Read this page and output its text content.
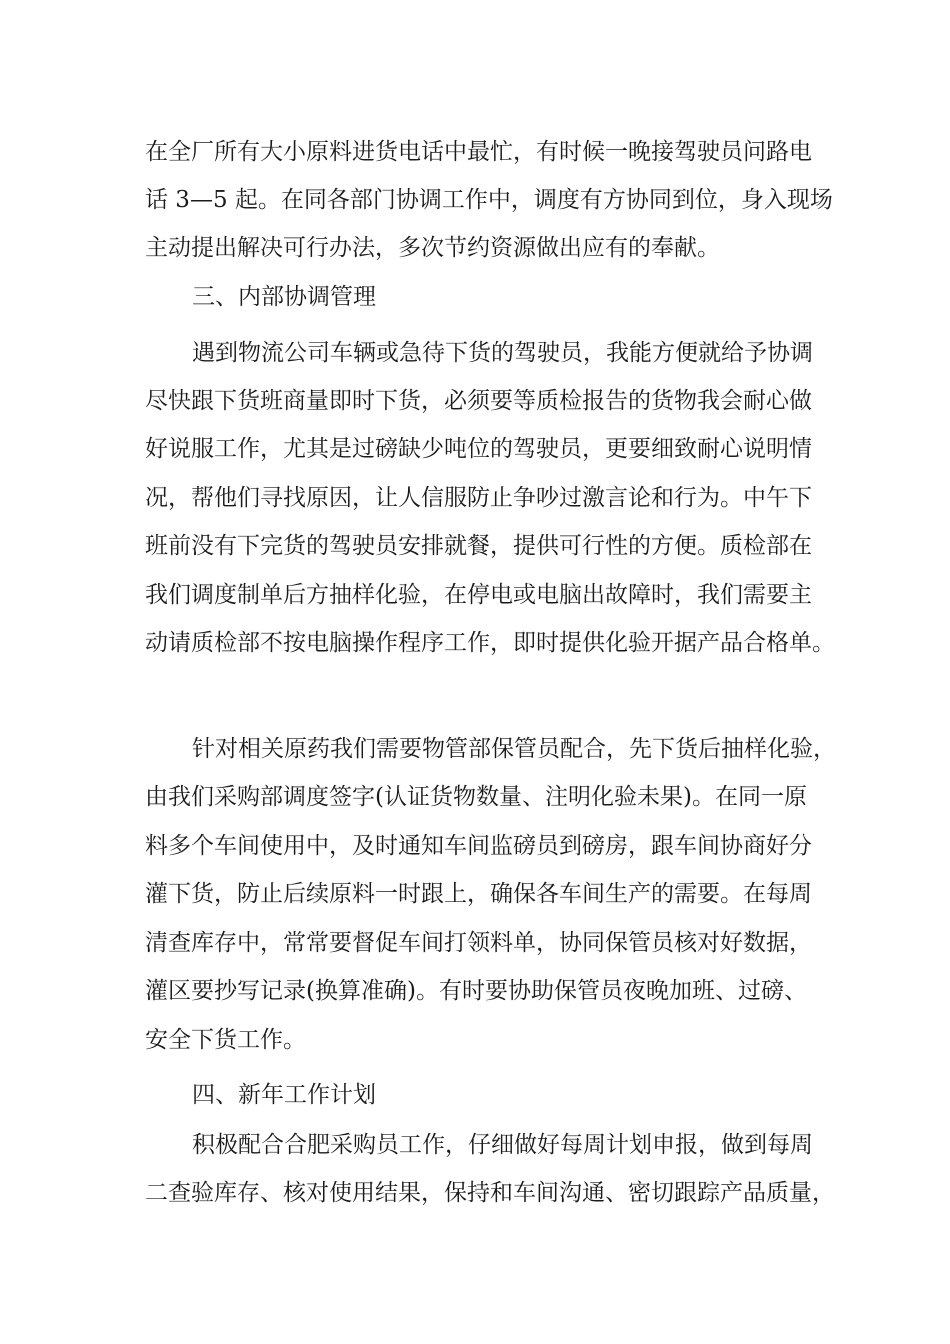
在全厂所有大小原料进货电话中最忙，有时候一晚接驾驶员问路电

话 3—5 起。在同各部门协调工作中，调度有方协同到位，身入现场

主动提出解决可行办法，多次节约资源做出应有的奉献。

三、内部协调管理

遇到物流公司车辆或急待下货的驾驶员，我能方便就给予协调

尽快跟下货班商量即时下货，必须要等质检报告的货物我会耐心做

好说服工作，尤其是过磅缺少吨位的驾驶员，更要细致耐心说明情

况，帮他们寻找原因，让人信服防止争吵过激言论和行为。中午下

班前没有下完货的驾驶员安排就餐，提供可行性的方便。质检部在

我们调度制单后方抽样化验，在停电或电脑出故障时，我们需要主

动请质检部不按电脑操作程序工作，即时提供化验开据产品合格单。

针对相关原药我们需要物管部保管员配合，先下货后抽样化验，

由我们采购部调度签字(认证货物数量、注明化验未果)。在同一原

料多个车间使用中，及时通知车间监磅员到磅房，跟车间协商好分

灌下货，防止后续原料一时跟上，确保各车间生产的需要。在每周

清查库存中，常常要督促车间打领料单，协同保管员核对好数据，

灌区要抄写记录(换算准确)。有时要协助保管员夜晚加班、过磅、

安全下货工作。

四、新年工作计划

积极配合合肥采购员工作，仔细做好每周计划申报，做到每周

二查验库存、核对使用结果，保持和车间沟通、密切跟踪产品质量，
